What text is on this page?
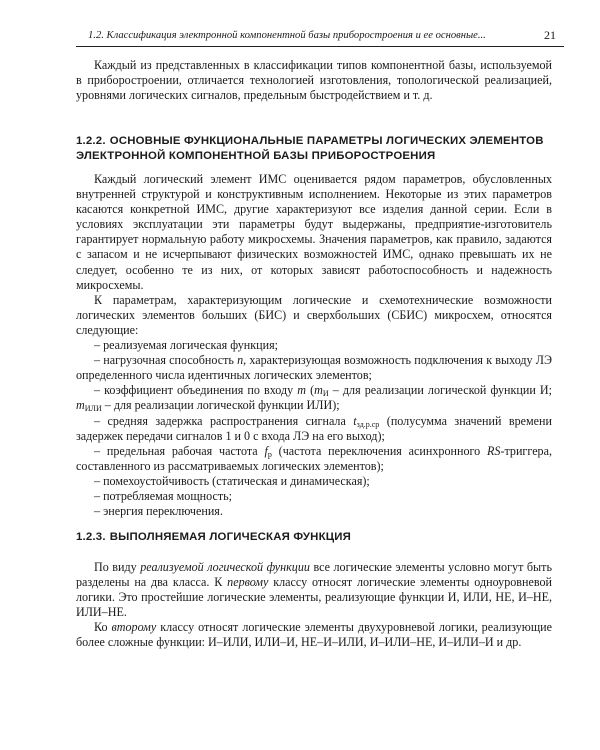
1.2. Классификация электронной компонентной базы приборостроения и ее основные...	21

Каждый из представленных в классификации типов компонентной базы, используемой в приборостроении, отличается технологией изготовления, топологической реализацией, уровнями логических сигналов, предельным быстродействием и т. д.

1.2.2. ОСНОВНЫЕ ФУНКЦИОНАЛЬНЫЕ ПАРАМЕТРЫ ЛОГИЧЕСКИХ ЭЛЕМЕНТОВ ЭЛЕКТРОННОЙ КОМПОНЕНТНОЙ БАЗЫ ПРИБОРОСТРОЕНИЯ

Каждый логический элемент ИМС оценивается рядом параметров, обусловленных внутренней структурой и конструктивным исполнением. Некоторые из этих параметров касаются конкретной ИМС, другие характеризуют все изделия данной серии. Если в условиях эксплуатации эти параметры будут выдержаны, предприятие-изготовитель гарантирует нормальную работу микросхемы. Значения параметров, как правило, задаются с запасом и не исчерпывают физических возможностей ИМС, однако превышать их не следует, особенно те из них, от которых зависят работоспособность и надежность микросхемы.

К параметрам, характеризующим логические и схемотехнические возможности логических элементов больших (БИС) и сверхбольших (СБИС) микросхем, относятся следующие:

– реализуемая логическая функция;

– нагрузочная способность n, характеризующая возможность подключения к выходу ЛЭ определенного числа идентичных логических элементов;

– коэффициент объединения по входу m ($m_И$ – для реализации логической функции И; $m_{ИЛИ}$ – для реализации логической функции ИЛИ);

– средняя задержка распространения сигнала $t_{зд.р.ср}$ (полусумма значений времени задержек передачи сигналов 1 и 0 с входа ЛЭ на его выход);

– предельная рабочая частота $f_р$ (частота переключения асинхронного RS-триггера, составленного из рассматриваемых логических элементов);

– помехоустойчивость (статическая и динамическая);

– потребляемая мощность;

– энергия переключения.

1.2.3. ВЫПОЛНЯЕМАЯ ЛОГИЧЕСКАЯ ФУНКЦИЯ

По виду реализуемой логической функции все логические элементы условно могут быть разделены на два класса. К первому классу относят логические элементы одноуровневой логики. Это простейшие логические элементы, реализующие функции И, ИЛИ, НЕ, И–НЕ, ИЛИ–НЕ.

Ко второму классу относят логические элементы двухуровневой логики, реализующие более сложные функции: И–ИЛИ, ИЛИ–И, НЕ–И–ИЛИ, И–ИЛИ–НЕ, И–ИЛИ–И и др.
